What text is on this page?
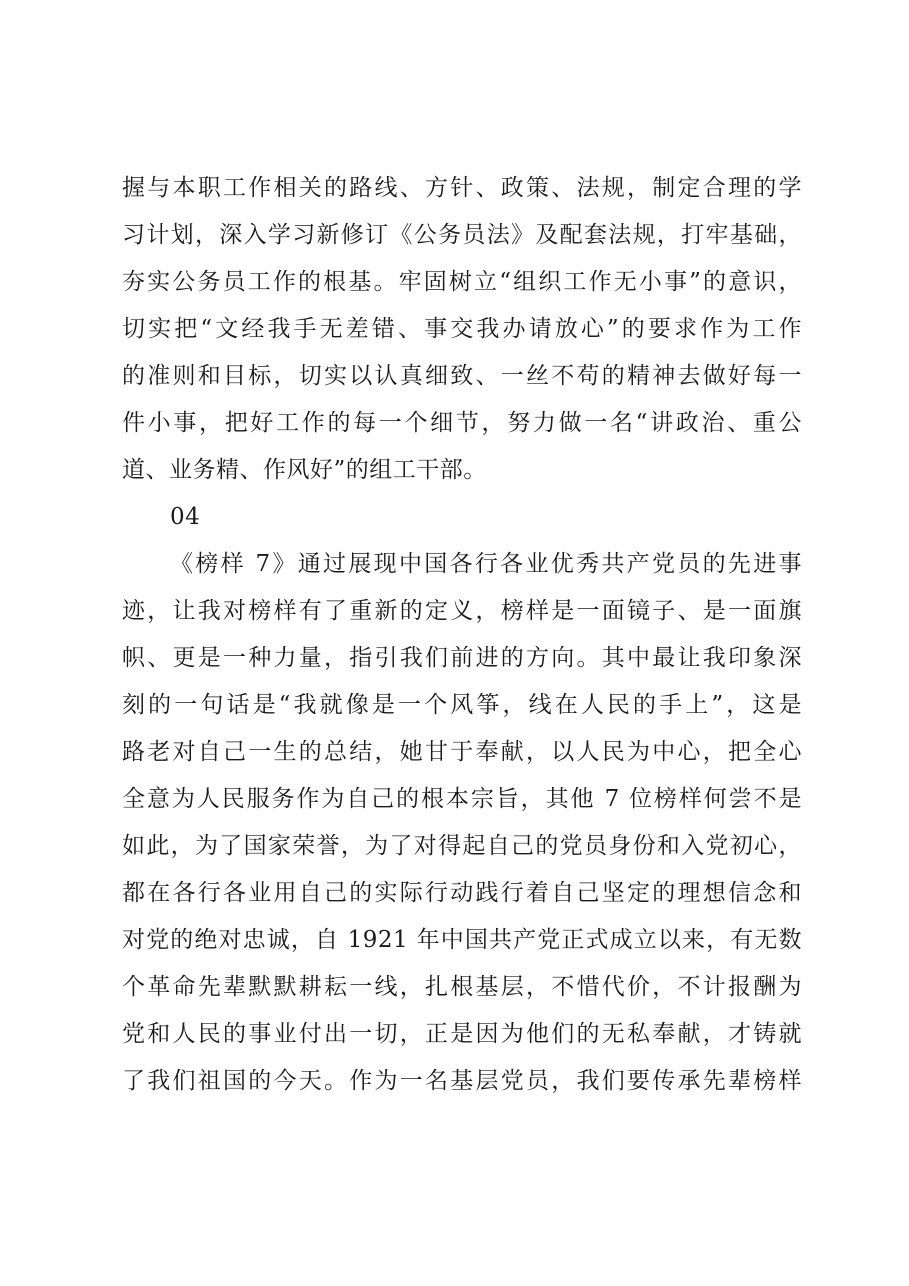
握与本职工作相关的路线、方针、政策、法规，制定合理的学
习计划，深入学习新修订《公务员法》及配套法规，打牢基础，
夯实公务员工作的根基。牢固树立“组织工作无小事”的意识，
切实把“文经我手无差错、事交我办请放心”的要求作为工作
的准则和目标，切实以认真细致、一丝不苟的精神去做好每一
件小事，把好工作的每一个细节，努力做一名“讲政治、重公
道、业务精、作风好”的组工干部。
04
《榜样 7》通过展现中国各行各业优秀共产党员的先进事
迹，让我对榜样有了重新的定义，榜样是一面镜子、是一面旗
帜、更是一种力量，指引我们前进的方向。其中最让我印象深
刻的一句话是“我就像是一个风筝，线在人民的手上”，这是
路老对自己一生的总结，她甘于奉献，以人民为中心，把全心
全意为人民服务作为自己的根本宗旨，其他 7 位榜样何尝不是
如此，为了国家荣誉，为了对得起自己的党员身份和入党初心，
都在各行各业用自己的实际行动践行着自己坚定的理想信念和
对党的绝对忠诚，自 1921 年中国共产党正式成立以来，有无数
个革命先辈默默耕耘一线，扎根基层，不惜代价，不计报酬为
党和人民的事业付出一切，正是因为他们的无私奉献，才铸就
了我们祖国的今天。作为一名基层党员，我们要传承先辈榜样
